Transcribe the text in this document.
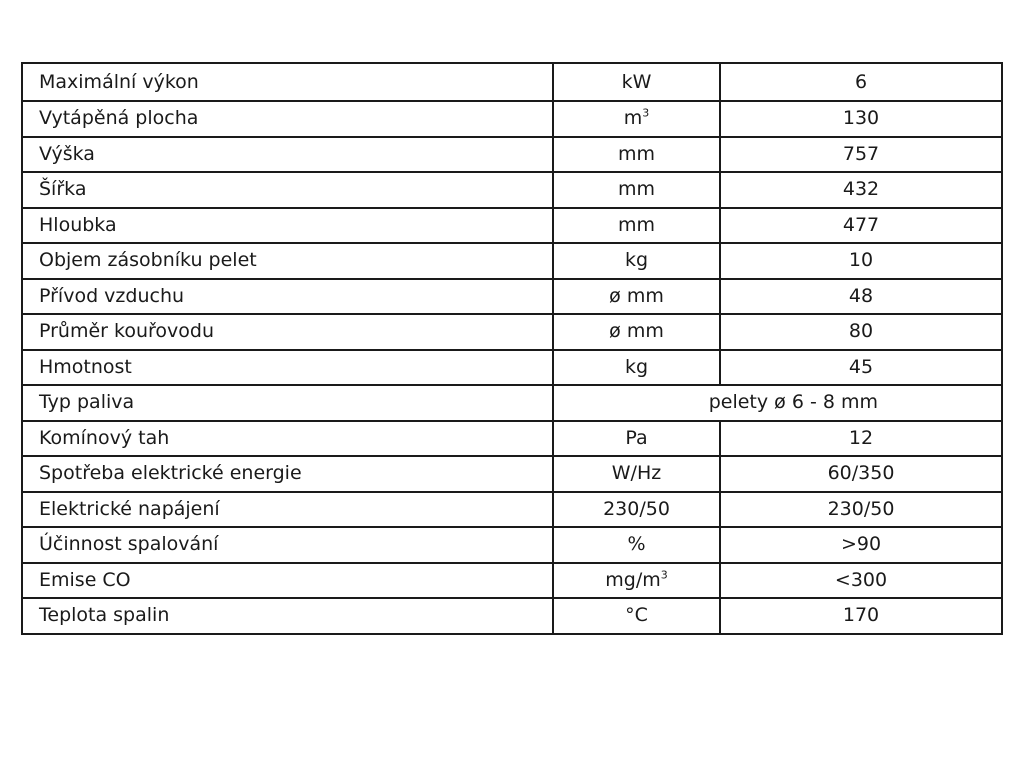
Maximální výkon	kW	6
Vytápěná plocha	$m^3$	130
Výška	mm	757
Šířka	mm	432
Hloubka	mm	477
Objem zásobníku pelet	kg	10
Přívod vzduchu	ø mm	48
Průměr kouřovodu	ø mm	80
Hmotnost	kg	45
Typ paliva	pelety ø 6 - 8 mm	
Komínový tah	Pa	12
Spotřeba elektrické energie	W/Hz	60/350
Elektrické napájení	230/50	230/50
Účinnost spalování	%	>90
Emise CO	$mg/m^3$	<300
Teplota spalin	°C	170
